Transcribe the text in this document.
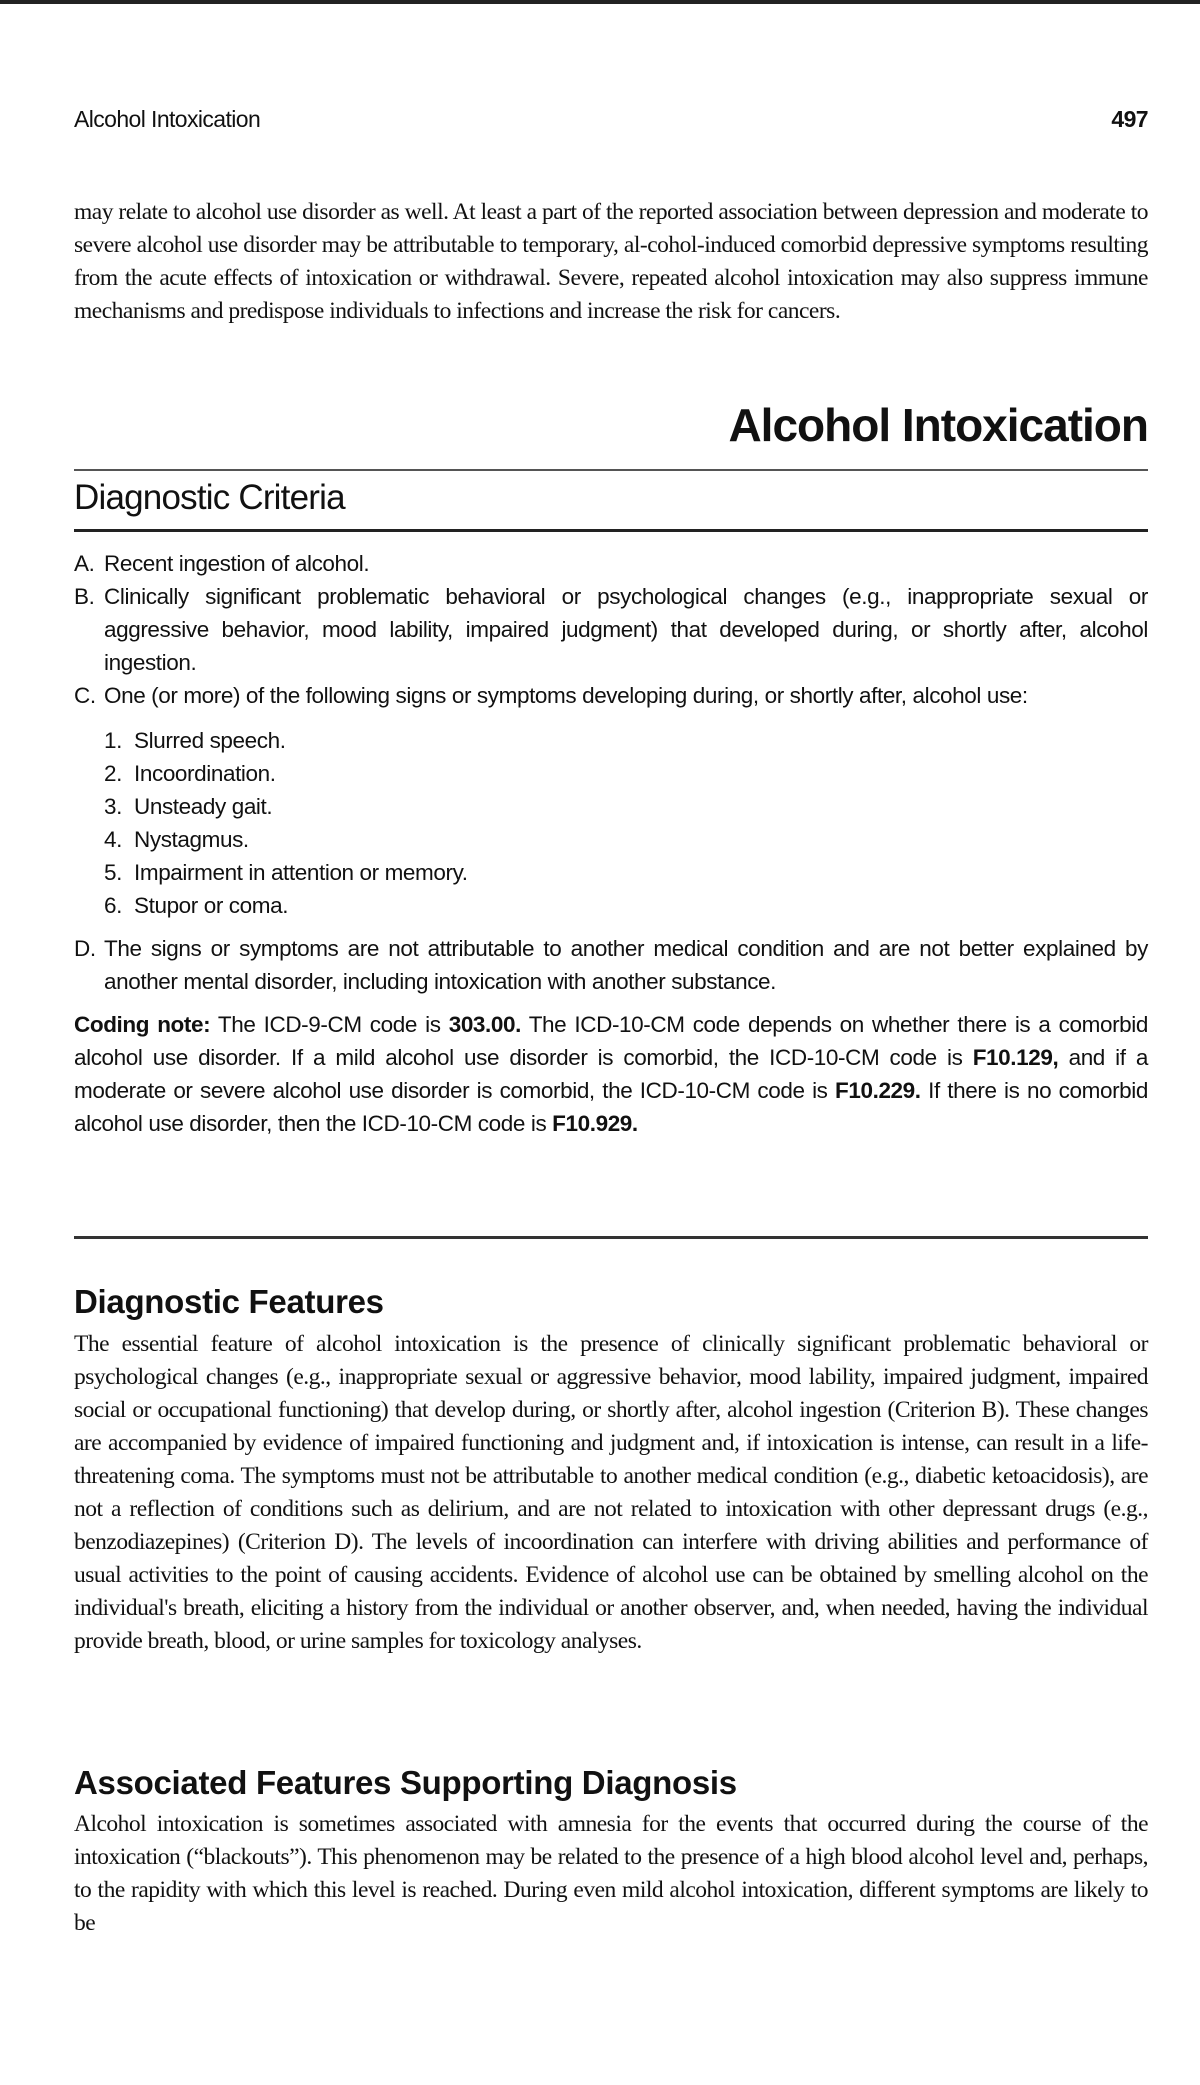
Alcohol Intoxication	497
may relate to alcohol use disorder as well. At least a part of the reported association between depression and moderate to severe alcohol use disorder may be attributable to temporary, al-cohol-induced comorbid depressive symptoms resulting from the acute effects of intoxication or withdrawal. Severe, repeated alcohol intoxication may also suppress immune mechanisms and predispose individuals to infections and increase the risk for cancers.
Alcohol Intoxication
Diagnostic Criteria
A. Recent ingestion of alcohol.
B. Clinically significant problematic behavioral or psychological changes (e.g., inappropriate sexual or aggressive behavior, mood lability, impaired judgment) that developed during, or shortly after, alcohol ingestion.
C. One (or more) of the following signs or symptoms developing during, or shortly after, alcohol use:
1. Slurred speech.
2. Incoordination.
3. Unsteady gait.
4. Nystagmus.
5. Impairment in attention or memory.
6. Stupor or coma.
D. The signs or symptoms are not attributable to another medical condition and are not better explained by another mental disorder, including intoxication with another substance.
Coding note: The ICD-9-CM code is 303.00. The ICD-10-CM code depends on whether there is a comorbid alcohol use disorder. If a mild alcohol use disorder is comorbid, the ICD-10-CM code is F10.129, and if a moderate or severe alcohol use disorder is comorbid, the ICD-10-CM code is F10.229. If there is no comorbid alcohol use disorder, then the ICD-10-CM code is F10.929.
Diagnostic Features
The essential feature of alcohol intoxication is the presence of clinically significant problematic behavioral or psychological changes (e.g., inappropriate sexual or aggressive behavior, mood lability, impaired judgment, impaired social or occupational functioning) that develop during, or shortly after, alcohol ingestion (Criterion B). These changes are accompanied by evidence of impaired functioning and judgment and, if intoxication is intense, can result in a life-threatening coma. The symptoms must not be attributable to another medical condition (e.g., diabetic ketoacidosis), are not a reflection of conditions such as delirium, and are not related to intoxication with other depressant drugs (e.g., benzodiazepines) (Criterion D). The levels of incoordination can interfere with driving abilities and performance of usual activities to the point of causing accidents. Evidence of alcohol use can be obtained by smelling alcohol on the individual's breath, eliciting a history from the individual or another observer, and, when needed, having the individual provide breath, blood, or urine samples for toxicology analyses.
Associated Features Supporting Diagnosis
Alcohol intoxication is sometimes associated with amnesia for the events that occurred during the course of the intoxication (“blackouts”). This phenomenon may be related to the presence of a high blood alcohol level and, perhaps, to the rapidity with which this level is reached. During even mild alcohol intoxication, different symptoms are likely to be
